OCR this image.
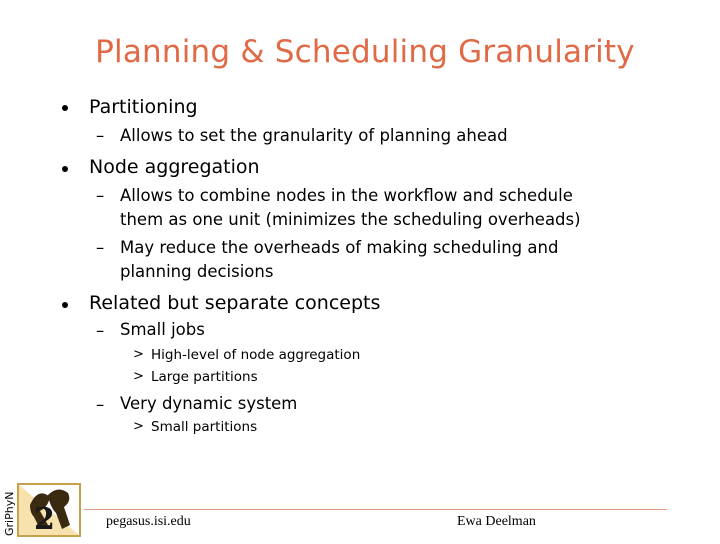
Planning & Scheduling Granularity
Partitioning
– Allows to set the granularity of planning ahead
Node aggregation
– Allows to combine nodes in the workflow and schedule
them as one unit (minimizes the scheduling overheads)
– May reduce the overheads of making scheduling and
planning decisions
Related but separate concepts
– Small jobs
> High-level of node aggregation
> Large partitions
– Very dynamic system
> Small partitions
GriPhyN 2	pegasus.isi.edu	Ewa Deelman
